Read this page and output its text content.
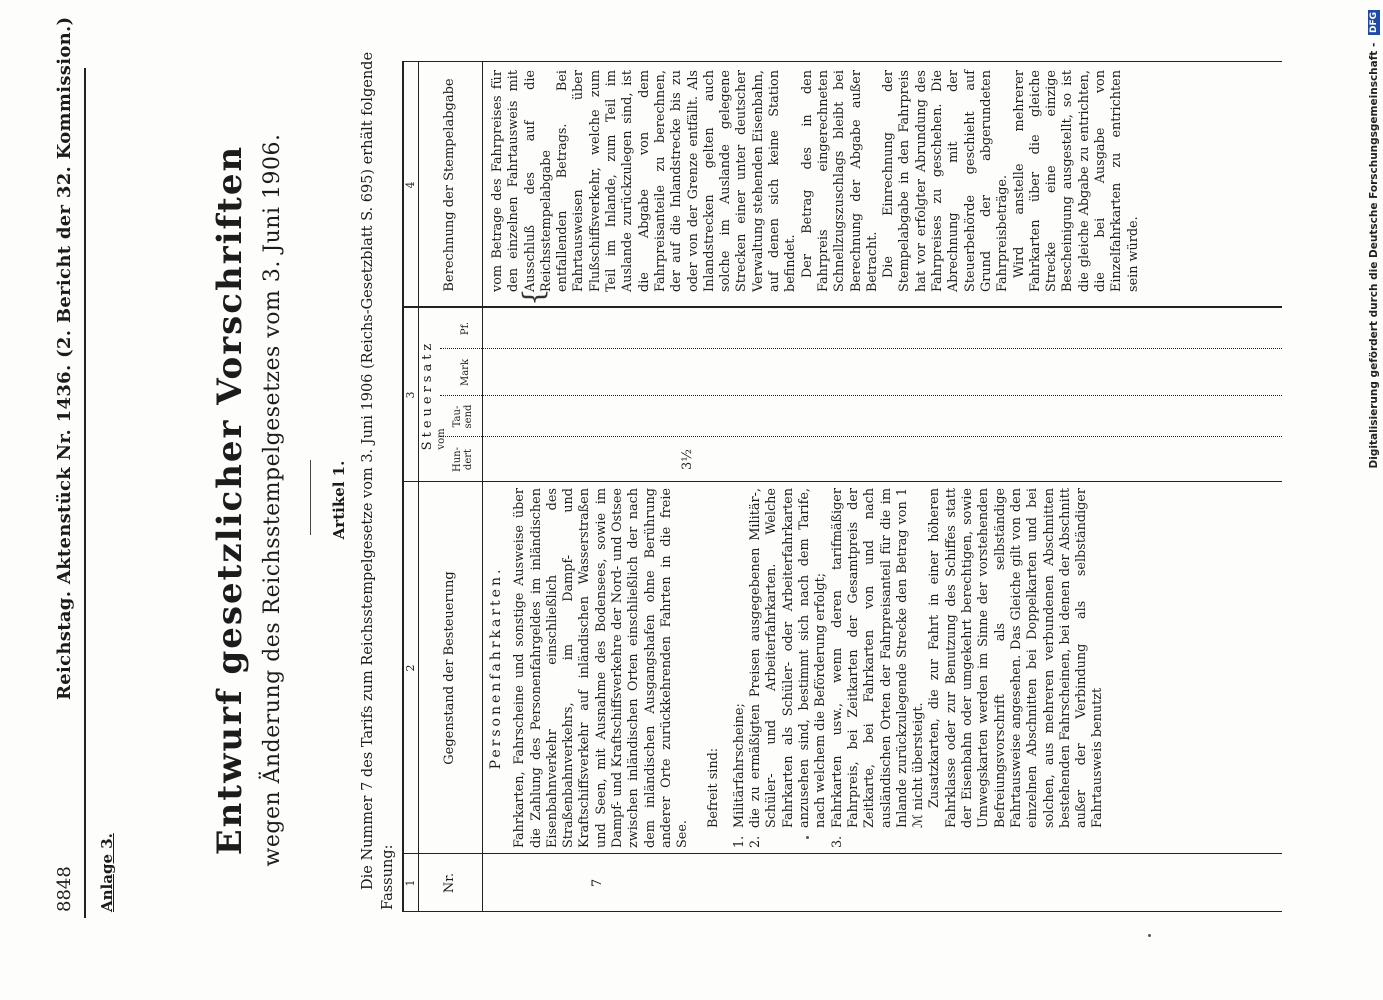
8848
Reichstag. Aktenstück Nr. 1436. (2. Bericht der 32. Kommission.)
Anlage 3.
Entwurf gesetzlicher Vorschriften wegen Änderung des Reichsstempelgesetzes vom 3. Juni 1906.	Artikel 1. Die Nummer 7 des Tarifs zum Reichsstempelgesetze vom 3. Juni 1906 (Reichs-Gesetzblatt S. 695) erhält folgende Fassung: 1
2
3
4
Nr.
Gegenstand der Besteuerung
Steuersatz vom
Hun-dert
Tau-send
Mark
Pf.
Berechnung der Stempelabgabe
7
Personenfahrkarten. Fahrkarten, Fahrscheine und sonstige Ausweise über die Zahlung des Personenfahrgeldes im inländischen Eisenbahnverkehr einschließlich des Straßenbahnverkehrs, im Dampf- und Kraftschiffsverkehr auf inländischen Wasserstraßen und Seen, mit Ausnahme des Bodensees, sowie im Dampf- und Kraftschiffsverkehre der Nord- und Ostsee zwischen inländischen Orten einschließlich der nach dem inländischen Ausgangshafen ohne Berührung anderer Orte zurückkehrenden Fahrten in die freie See.
Befreit sind:
1.
Militärfahrscheine;
2.
die zu ermäßigten Preisen ausgegebenen Militär-, Schüler- und Arbeiterfahrkarten. Welche Fahrkarten als Schüler- oder Arbeiterfahrkarten anzusehen sind, bestimmt sich nach dem Tarife, nach welchem die Beförderung erfolgt;
3.
Fahrkarten usw., wenn deren tarifmäßiger Fahrpreis, bei Zeitkarten der Gesamtpreis der Zeitkarte, bei Fahrkarten von und nach ausländischen Orten der Fahrpreisanteil für die im Inlande zurückzulegende Strecke den Betrag von 1 ℳ nicht übersteigt. Zusatzkarten, die zur Fahrt in einer höheren Fahrklasse oder zur Benutzung des Schiffes statt der Eisenbahn oder umgekehrt berechtigen, sowie Umwegskarten werden im Sinne der vorstehenden Befreiungsvorschrift als selbständige Fahrtausweise angesehen. Das Gleiche gilt von den einzelnen Abschnitten bei Doppelkarten und bei solchen, aus mehreren verbundenen Abschnitten bestehenden Fahrscheinen, bei denen der Abschnitt außer der Verbindung als selbständiger Fahrtausweis benutzt
3½
{
vom Betrage des Fahrpreises für den einzelnen Fahrtausweis mit Ausschluß des auf die Reichsstempelabgabe entfallenden Betrags. Bei Fahrtausweisen über Flußschiffsverkehr, welche zum Teil im Inlande, zum Teil im Auslande zurückzulegen sind, ist die Abgabe von dem Fahrpreisanteile zu berechnen, der auf die Inlandstrecke bis zu oder von der Grenze entfällt. Als Inlandstrecken gelten auch solche im Auslande gelegene Strecken einer unter deutscher Verwaltung stehenden Eisenbahn, auf denen sich keine Station befindet. Der Betrag des in den Fahrpreis eingerechneten Schnellzugszuschlags bleibt bei Berechnung der Abgabe außer Betracht. Die Einrechnung der Stempelabgabe in den Fahrpreis hat vor erfolgter Abrundung des Fahrpreises zu geschehen. Die Abrechnung mit der Steuerbehörde geschieht auf Grund der abgerundeten Fahrpreisbeträge. Wird anstelle mehrerer Fahrkarten über die gleiche Strecke eine einzige Bescheinigung ausgestellt, so ist die gleiche Abgabe zu entrichten, die bei Ausgabe von Einzelfahrkarten zu entrichten sein würde.	Digitalisierung gefördert durch die Deutsche Forschungsgemeinschaft - DFG
